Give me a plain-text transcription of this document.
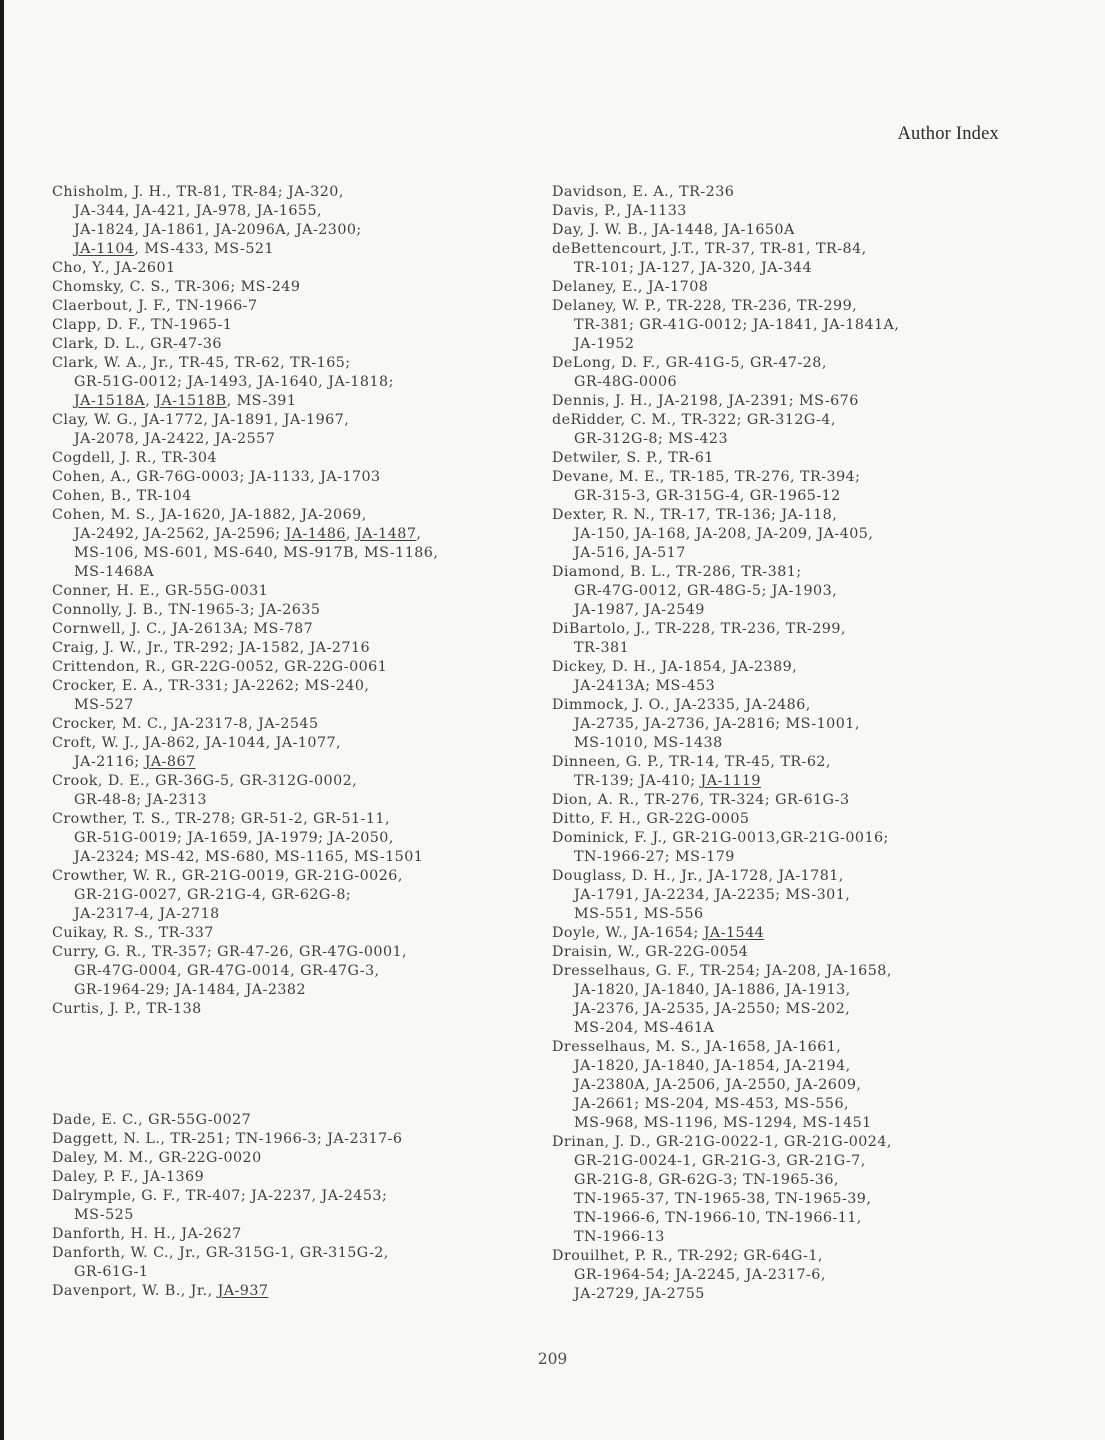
Author Index

Chisholm, J. H., TR-81, TR-84; JA-320,
JA-344, JA-421, JA-978, JA-1655,
JA-1824, JA-1861, JA-2096A, JA-2300;
JA-1104, MS-433, MS-521

Cho, Y., JA-2601

Chomsky, C. S., TR-306; MS-249

Claerbout, J. F., TN-1966-7

Clapp, D. F., TN-1965-1

Clark, D. L., GR-47-36

Clark, W. A., Jr., TR-45, TR-62, TR-165;
GR-51G-0012; JA-1493, JA-1640, JA-1818;
JA-1518A, JA-1518B, MS-391

Clay, W. G., JA-1772, JA-1891, JA-1967,
JA-2078, JA-2422, JA-2557

Cogdell, J. R., TR-304

Cohen, A., GR-76G-0003; JA-1133, JA-1703

Cohen, B., TR-104

Cohen, M. S., JA-1620, JA-1882, JA-2069,
JA-2492, JA-2562, JA-2596; JA-1486, JA-1487,
MS-106, MS-601, MS-640, MS-917B, MS-1186,
MS-1468A

Conner, H. E., GR-55G-0031

Connolly, J. B., TN-1965-3; JA-2635

Cornwell, J. C., JA-2613A; MS-787

Craig, J. W., Jr., TR-292; JA-1582, JA-2716

Crittendon, R., GR-22G-0052, GR-22G-0061

Crocker, E. A., TR-331; JA-2262; MS-240,
MS-527

Crocker, M. C., JA-2317-8, JA-2545

Croft, W. J., JA-862, JA-1044, JA-1077,
JA-2116; JA-867

Crook, D. E., GR-36G-5, GR-312G-0002,
GR-48-8; JA-2313

Crowther, T. S., TR-278; GR-51-2, GR-51-11,
GR-51G-0019; JA-1659, JA-1979; JA-2050,
JA-2324; MS-42, MS-680, MS-1165, MS-1501

Crowther, W. R., GR-21G-0019, GR-21G-0026,
GR-21G-0027, GR-21G-4, GR-62G-8;
JA-2317-4, JA-2718

Cuikay, R. S., TR-337

Curry, G. R., TR-357; GR-47-26, GR-47G-0001,
GR-47G-0004, GR-47G-0014, GR-47G-3,
GR-1964-29; JA-1484, JA-2382

Curtis, J. P., TR-138

Dade, E. C., GR-55G-0027

Daggett, N. L., TR-251; TN-1966-3; JA-2317-6

Daley, M. M., GR-22G-0020

Daley, P. F., JA-1369

Dalrymple, G. F., TR-407; JA-2237, JA-2453;
MS-525

Danforth, H. H., JA-2627

Danforth, W. C., Jr., GR-315G-1, GR-315G-2,
GR-61G-1

Davenport, W. B., Jr., JA-937

Davidson, E. A., TR-236

Davis, P., JA-1133

Day, J. W. B., JA-1448, JA-1650A

deBettencourt, J.T., TR-37, TR-81, TR-84,
TR-101; JA-127, JA-320, JA-344

Delaney, E., JA-1708

Delaney, W. P., TR-228, TR-236, TR-299,
TR-381; GR-41G-0012; JA-1841, JA-1841A,
JA-1952

DeLong, D. F., GR-41G-5, GR-47-28,
GR-48G-0006

Dennis, J. H., JA-2198, JA-2391; MS-676

deRidder, C. M., TR-322; GR-312G-4,
GR-312G-8; MS-423

Detwiler, S. P., TR-61

Devane, M. E., TR-185, TR-276, TR-394;
GR-315-3, GR-315G-4, GR-1965-12

Dexter, R. N., TR-17, TR-136; JA-118,
JA-150, JA-168, JA-208, JA-209, JA-405,
JA-516, JA-517

Diamond, B. L., TR-286, TR-381;
GR-47G-0012, GR-48G-5; JA-1903,
JA-1987, JA-2549

DiBartolo, J., TR-228, TR-236, TR-299,
TR-381

Dickey, D. H., JA-1854, JA-2389,
JA-2413A; MS-453

Dimmock, J. O., JA-2335, JA-2486,
JA-2735, JA-2736, JA-2816; MS-1001,
MS-1010, MS-1438

Dinneen, G. P., TR-14, TR-45, TR-62,
TR-139; JA-410; JA-1119

Dion, A. R., TR-276, TR-324; GR-61G-3

Ditto, F. H., GR-22G-0005

Dominick, F. J., GR-21G-0013,GR-21G-0016;
TN-1966-27; MS-179

Douglass, D. H., Jr., JA-1728, JA-1781,
JA-1791, JA-2234, JA-2235; MS-301,
MS-551, MS-556

Doyle, W., JA-1654; JA-1544

Draisin, W., GR-22G-0054

Dresselhaus, G. F., TR-254; JA-208, JA-1658,
JA-1820, JA-1840, JA-1886, JA-1913,
JA-2376, JA-2535, JA-2550; MS-202,
MS-204, MS-461A

Dresselhaus, M. S., JA-1658, JA-1661,
JA-1820, JA-1840, JA-1854, JA-2194,
JA-2380A, JA-2506, JA-2550, JA-2609,
JA-2661; MS-204, MS-453, MS-556,
MS-968, MS-1196, MS-1294, MS-1451

Drinan, J. D., GR-21G-0022-1, GR-21G-0024,
GR-21G-0024-1, GR-21G-3, GR-21G-7,
GR-21G-8, GR-62G-3; TN-1965-36,
TN-1965-37, TN-1965-38, TN-1965-39,
TN-1966-6, TN-1966-10, TN-1966-11,
TN-1966-13

Drouilhet, P. R., TR-292; GR-64G-1,
GR-1964-54; JA-2245, JA-2317-6,
JA-2729, JA-2755

209
